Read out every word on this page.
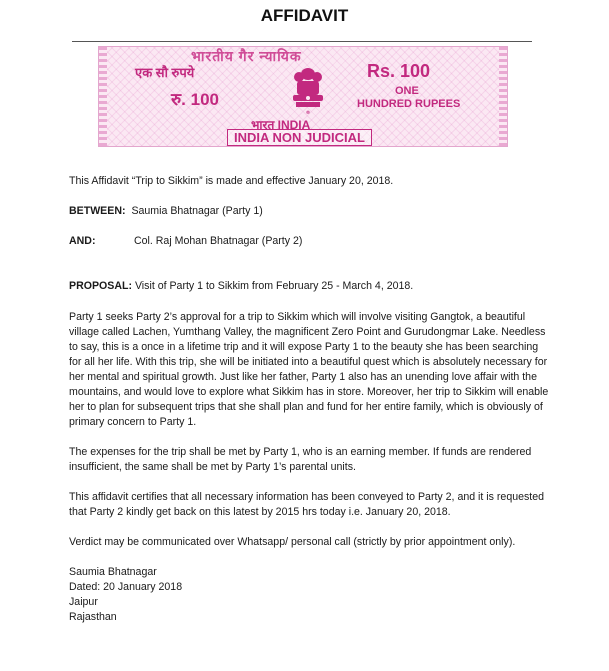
AFFIDAVIT
भारतीय गैर न्यायिक
एक सौ रुपये	Rs. 100
रु. 100	ONE
HUNDRED RUPEES
भारत INDIA
INDIA NON JUDICIAL
☸

This Affidavit “Trip to Sikkim” is made and effective January 20, 2018.

BETWEEN: Saumia Bhatnagar (Party 1)
AND:	Col. Raj Mohan Bhatnagar (Party 2)
PROPOSAL: Visit of Party 1 to Sikkim from February 25 - March 4, 2018.

Party 1 seeks Party 2’s approval for a trip to Sikkim which will involve visiting Gangtok, a beautiful village called Lachen, Yumthang Valley, the magnificent Zero Point and Gurudongmar Lake. Needless to say, this is a once in a lifetime trip and it will expose Party 1 to the beauty she has been searching for all her life. With this trip, she will be initiated into a beautiful quest which is absolutely necessary for her mental and spiritual growth. Just like her father, Party 1 also has an unending love affair with the mountains, and would love to explore what Sikkim has in store. Moreover, her trip to Sikkim will enable her to plan for subsequent trips that she shall plan and fund for her entire family, which is obviously of primary concern to Party 1.

The expenses for the trip shall be met by Party 1, who is an earning member. If funds are rendered insufficient, the same shall be met by Party 1’s parental units.

This affidavit certifies that all necessary information has been conveyed to Party 2, and it is requested that Party 2 kindly get back on this latest by 2015 hrs today i.e. January 20, 2018.

Verdict may be communicated over Whatsapp/ personal call (strictly by prior appointment only).

Saumia Bhatnagar

Dated: 20 January 2018

Jaipur

Rajasthan
